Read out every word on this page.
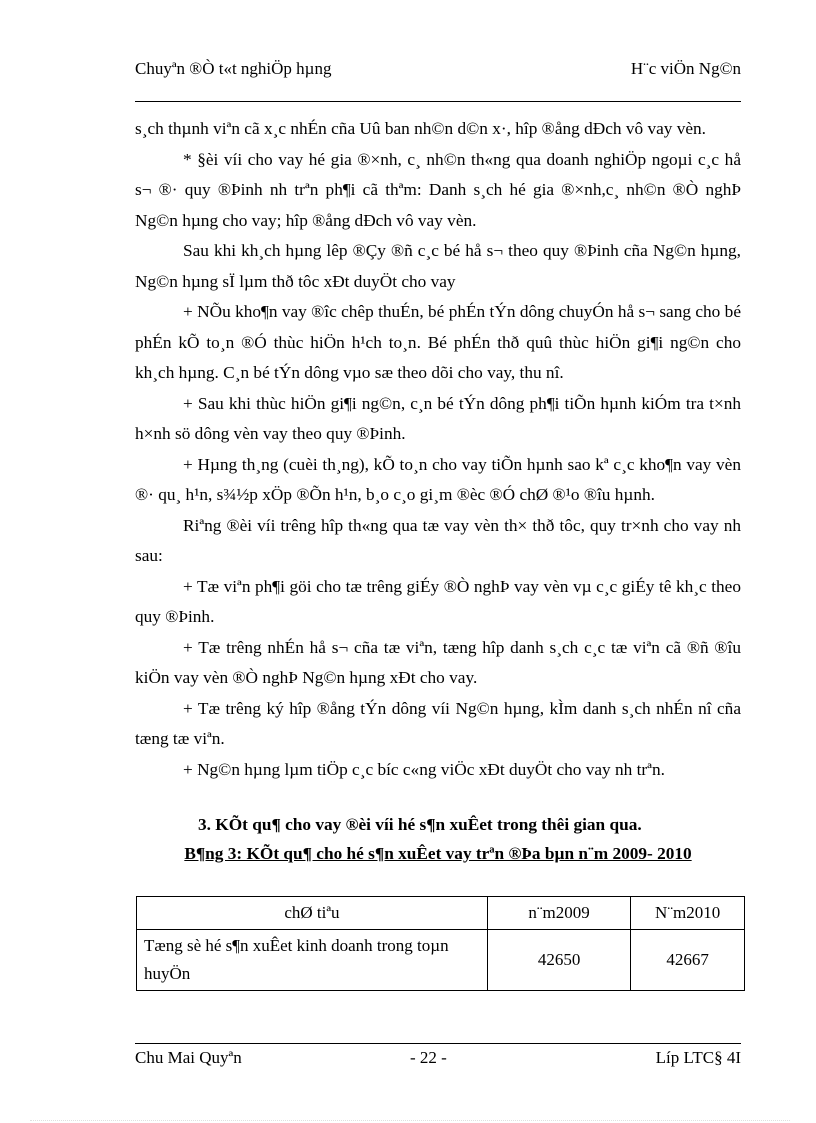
Chuyªn ®Ò t«t nghiÖp hµng	H¨c viÖn Ng©n

s¸ch thµnh viªn cã x¸c nhÉn cña Uû ban nh©n d©n x·, hîp ®ång dÐch vô vay vèn.

* §èi víi cho vay hé gia ®×nh, c¸ nh©n th«ng qua doanh nghiÖp ngoµi c¸c hå s¬ ®· quy ®Þinh nh trªn ph¶i cã thªm: Danh s¸ch hé gia ®×nh,c¸ nh©n ®Ò nghÞ Ng©n hµng cho vay; hîp ®ång dÐch vô vay vèn.

Sau khi kh¸ch hµng lêp ®Çy ®ñ c¸c bé hå s¬ theo quy ®Þinh cña Ng©n hµng, Ng©n hµng sÏ lµm thð tôc xÐt duyÖt cho vay

+ NÕu kho¶n vay ®îc chêp thuÉn, bé phÉn tÝn dông chuyÓn hå s¬ sang cho bé phÉn kÕ to¸n ®Ó thùc hiÖn h¹ch to¸n. Bé phÉn thð quû thùc hiÖn gi¶i ng©n cho kh¸ch hµng. C¸n bé tÝn dông vµo sæ theo dõi cho vay, thu nî.

+ Sau khi thùc hiÖn gi¶i ng©n, c¸n bé tÝn dông ph¶i tiÕn hµnh kiÓm tra t×nh h×nh sö dông vèn vay theo quy ®Þinh.

+ Hµng th¸ng (cuèi th¸ng), kÕ to¸n cho vay tiÕn hµnh sao kª c¸c kho¶n vay vèn ®· qu¸ h¹n, s¾½p xÖp ®Õn h¹n, b¸o c¸o gi¸m ®èc ®Ó chØ ®¹o ®îu hµnh.

Riªng ®èi víi trêng hîp th«ng qua tæ vay vèn th× thð tôc, quy tr×nh cho vay nh sau:

+ Tæ viªn ph¶i göi cho tæ trêng giÉy ®Ò nghÞ vay vèn vµ c¸c giÉy tê kh¸c theo quy ®Þinh.

+ Tæ trêng nhÉn hå s¬ cña tæ viªn, tæng hîp danh s¸ch c¸c tæ viªn cã ®ñ ®îu kiÖn vay vèn ®Ò nghÞ Ng©n hµng xÐt cho vay.

+ Tæ trêng ký hîp ®ång tÝn dông víi Ng©n hµng, kÌm danh s¸ch nhÉn nî cña tæng tæ viªn.

+ Ng©n hµng lµm tiÖp c¸c bíc c«ng viÖc xÐt duyÖt cho vay nh trªn.

3. KÕt qu¶ cho vay ®èi víi hé s¶n xuÊet trong thêi gian qua.
B¶ng 3: KÕt qu¶ cho hé s¶n xuÊet vay trªn ®Þa bµn n¨m 2009- 2010
chØ tiªu	n¨m2009	N¨m2010
Tæng sè hé s¶n xuÊet kinh doanh trong toµn huyÖn	42650	42667
Chu Mai Quyªn	- 22 -	Líp LTC§ 4I
